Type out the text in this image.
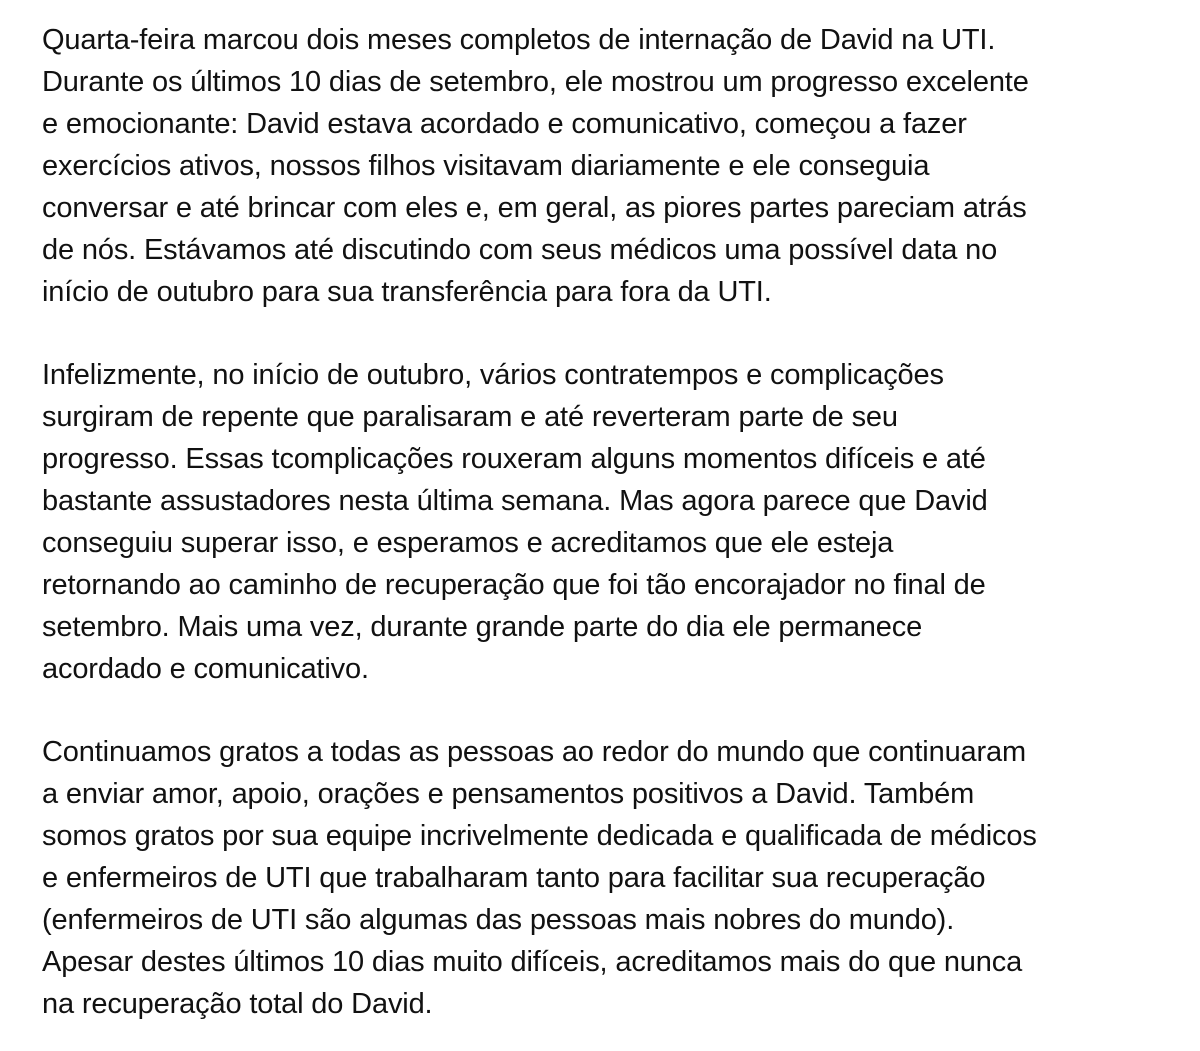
Quarta-feira marcou dois meses completos de internação de David na UTI.
Durante os últimos 10 dias de setembro, ele mostrou um progresso excelente
e emocionante: David estava acordado e comunicativo, começou a fazer
exercícios ativos, nossos filhos visitavam diariamente e ele conseguia
conversar e até brincar com eles e, em geral, as piores partes pareciam atrás
de nós. Estávamos até discutindo com seus médicos uma possível data no
início de outubro para sua transferência para fora da UTI.

Infelizmente, no início de outubro, vários contratempos e complicações
surgiram de repente que paralisaram e até reverteram parte de seu
progresso. Essas tcomplicações rouxeram alguns momentos difíceis e até
bastante assustadores nesta última semana. Mas agora parece que David
conseguiu superar isso, e esperamos e acreditamos que ele esteja
retornando ao caminho de recuperação que foi tão encorajador no final de
setembro. Mais uma vez, durante grande parte do dia ele permanece
acordado e comunicativo.

Continuamos gratos a todas as pessoas ao redor do mundo que continuaram
a enviar amor, apoio, orações e pensamentos positivos a David. Também
somos gratos por sua equipe incrivelmente dedicada e qualificada de médicos
e enfermeiros de UTI que trabalharam tanto para facilitar sua recuperação
(enfermeiros de UTI são algumas das pessoas mais nobres do mundo).
Apesar destes últimos 10 dias muito difíceis, acreditamos mais do que nunca
na recuperação total do David.
